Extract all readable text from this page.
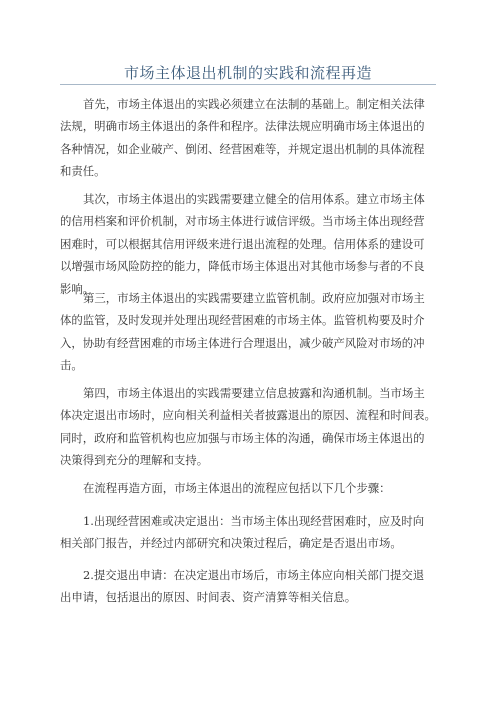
市场主体退出机制的实践和流程再造
首先，市场主体退出的实践必须建立在法制的基础上。制定相关法律
法规，明确市场主体退出的条件和程序。法律法规应明确市场主体退出的
各种情况，如企业破产、倒闭、经营困难等，并规定退出机制的具体流程
和责任。
其次，市场主体退出的实践需要建立健全的信用体系。建立市场主体
的信用档案和评价机制，对市场主体进行诚信评级。当市场主体出现经营
困难时，可以根据其信用评级来进行退出流程的处理。信用体系的建设可
以增强市场风险防控的能力，降低市场主体退出对其他市场参与者的不良
影响。
第三，市场主体退出的实践需要建立监管机制。政府应加强对市场主
体的监管，及时发现并处理出现经营困难的市场主体。监管机构要及时介
入，协助有经营困难的市场主体进行合理退出，减少破产风险对市场的冲
击。
第四，市场主体退出的实践需要建立信息披露和沟通机制。当市场主
体决定退出市场时，应向相关利益相关者披露退出的原因、流程和时间表。
同时，政府和监管机构也应加强与市场主体的沟通，确保市场主体退出的
决策得到充分的理解和支持。
在流程再造方面，市场主体退出的流程应包括以下几个步骤：
1.出现经营困难或决定退出：当市场主体出现经营困难时，应及时向
相关部门报告，并经过内部研究和决策过程后，确定是否退出市场。
2.提交退出申请：在决定退出市场后，市场主体应向相关部门提交退
出申请，包括退出的原因、时间表、资产清算等相关信息。
